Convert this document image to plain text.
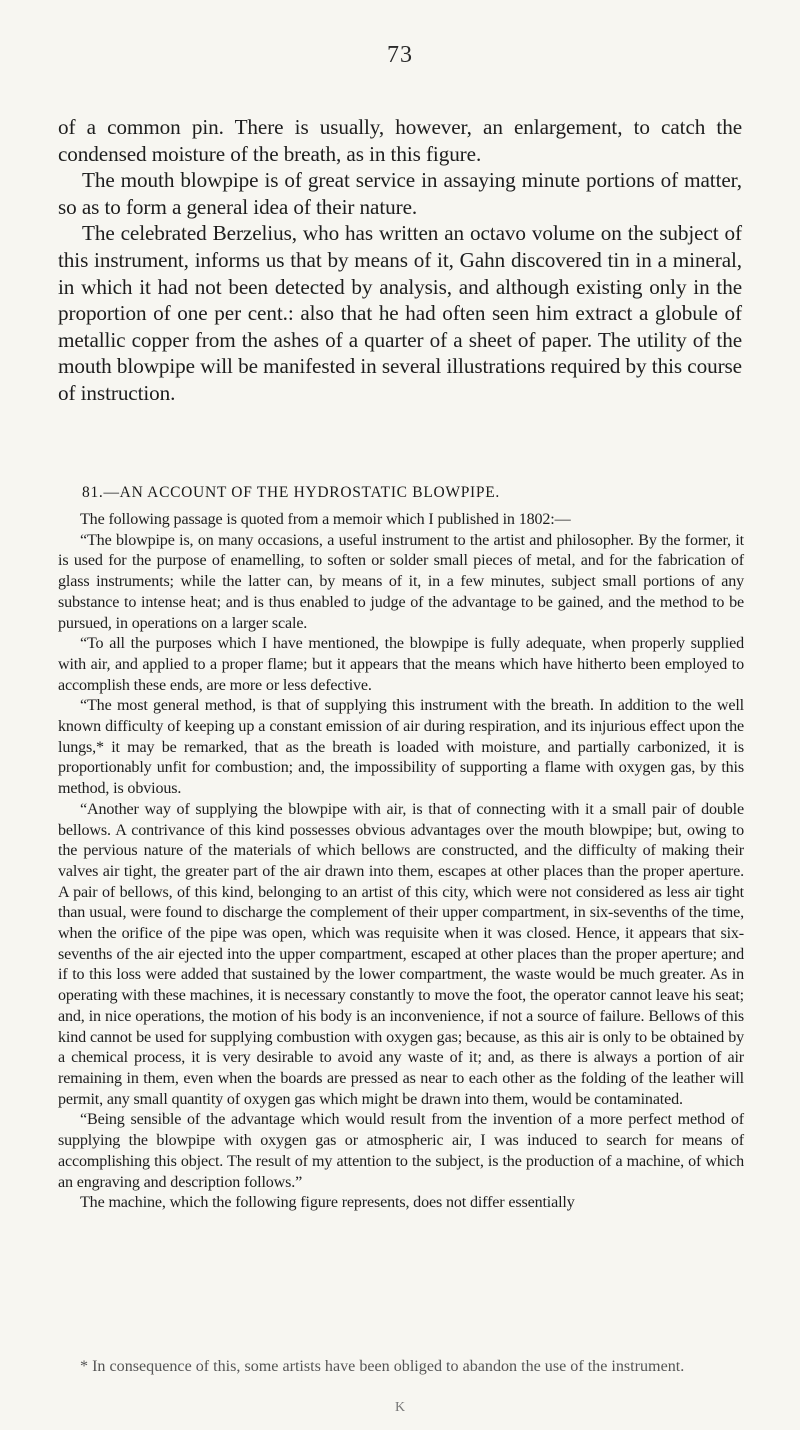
73

of a common pin. There is usually, however, an enlargement, to catch the condensed moisture of the breath, as in this figure.

The mouth blowpipe is of great service in assaying minute portions of matter, so as to form a general idea of their nature.

The celebrated Berzelius, who has written an octavo volume on the subject of this instrument, informs us that by means of it, Gahn discovered tin in a mineral, in which it had not been detected by analysis, and although existing only in the proportion of one per cent.: also that he had often seen him extract a globule of metallic copper from the ashes of a quarter of a sheet of paper. The utility of the mouth blowpipe will be manifested in several illustrations required by this course of instruction.

81.—AN ACCOUNT OF THE HYDROSTATIC BLOWPIPE.

The following passage is quoted from a memoir which I published in 1802:—

“The blowpipe is, on many occasions, a useful instrument to the artist and philosopher. By the former, it is used for the purpose of enamelling, to soften or solder small pieces of metal, and for the fabrication of glass instruments; while the latter can, by means of it, in a few minutes, subject small portions of any substance to intense heat; and is thus enabled to judge of the advantage to be gained, and the method to be pursued, in operations on a larger scale.

“To all the purposes which I have mentioned, the blowpipe is fully adequate, when properly supplied with air, and applied to a proper flame; but it appears that the means which have hitherto been employed to accomplish these ends, are more or less defective.

“The most general method, is that of supplying this instrument with the breath. In addition to the well known difficulty of keeping up a constant emission of air during respiration, and its injurious effect upon the lungs,* it may be remarked, that as the breath is loaded with moisture, and partially carbonized, it is proportionably unfit for combustion; and, the impossibility of supporting a flame with oxygen gas, by this method, is obvious.

“Another way of supplying the blowpipe with air, is that of connecting with it a small pair of double bellows. A contrivance of this kind possesses obvious advantages over the mouth blowpipe; but, owing to the pervious nature of the materials of which bellows are constructed, and the difficulty of making their valves air tight, the greater part of the air drawn into them, escapes at other places than the proper aperture. A pair of bellows, of this kind, belonging to an artist of this city, which were not considered as less air tight than usual, were found to discharge the complement of their upper compartment, in six-sevenths of the time, when the orifice of the pipe was open, which was requisite when it was closed. Hence, it appears that six-sevenths of the air ejected into the upper compartment, escaped at other places than the proper aperture; and if to this loss were added that sustained by the lower compartment, the waste would be much greater. As in operating with these machines, it is necessary constantly to move the foot, the operator cannot leave his seat; and, in nice operations, the motion of his body is an inconvenience, if not a source of failure. Bellows of this kind cannot be used for supplying combustion with oxygen gas; because, as this air is only to be obtained by a chemical process, it is very desirable to avoid any waste of it; and, as there is always a portion of air remaining in them, even when the boards are pressed as near to each other as the folding of the leather will permit, any small quantity of oxygen gas which might be drawn into them, would be contaminated.

“Being sensible of the advantage which would result from the invention of a more perfect method of supplying the blowpipe with oxygen gas or atmospheric air, I was induced to search for means of accomplishing this object. The result of my attention to the subject, is the production of a machine, of which an engraving and description follows.”

The machine, which the following figure represents, does not differ essentially

* In consequence of this, some artists have been obliged to abandon the use of the instrument.

K
